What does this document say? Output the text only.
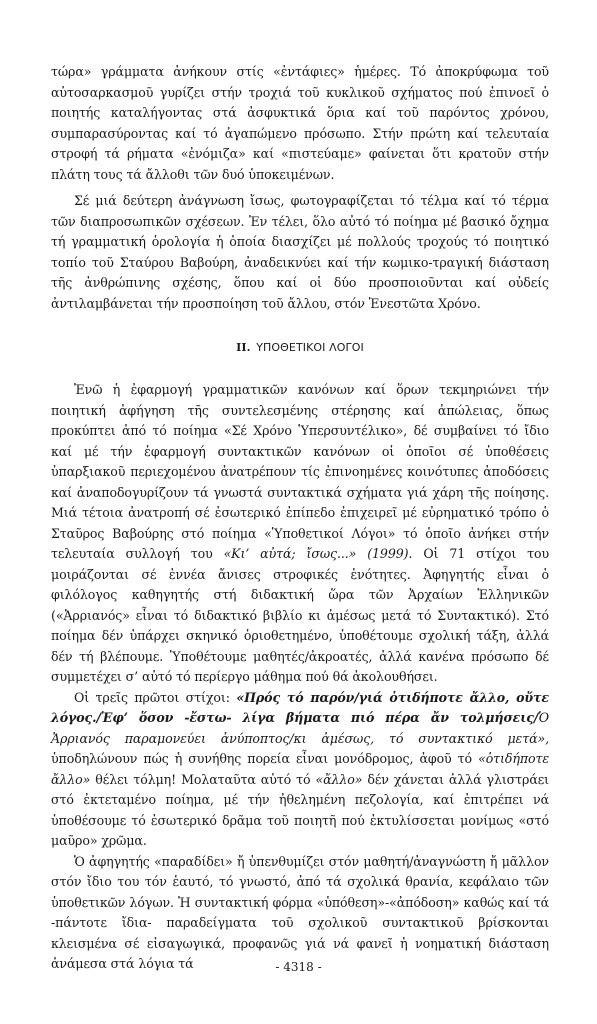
τώρα» γράμματα ἀνήκουν στίς «ἐντάφιες» ἡμέρες. Τό ἀποκρύφωμα τοῦ αὐτοσαρκασμοῦ γυρίζει στήν τροχιά τοῦ κυκλικοῦ σχήματος πού ἐπινοεῖ ὁ ποιητής καταλήγοντας στά ἀσφυκτικά ὅρια καί τοῦ παρόντος χρόνου, συμπαρασύροντας καί τό ἀγαπώμενο πρόσωπο. Στήν πρώτη καί τελευταία στροφή τά ρήματα «ἐνόμιζα» καί «πιστεύαμε» φαίνεται ὅτι κρατοῦν στήν πλάτη τους τά ἄλλοθι τῶν δυό ὑποκειμένων.

Σέ μιά δεύτερη ἀνάγνωση ἴσως, φωτογραφίζεται τό τέλμα καί τό τέρμα τῶν διαπροσωπικῶν σχέσεων. Ἐν τέλει, ὅλο αὐτό τό ποίημα μέ βασικό ὄχημα τή γραμματική ὁρολογία ἡ ὁποία διασχίζει μέ πολλούς τροχούς τό ποιητικό τοπίο τοῦ Σταύρου Βαβούρη, ἀναδεικνύει καί τήν κωμικο-τραγική διάσταση τῆς ἀνθρώπινης σχέσης, ὅπου καί οἱ δύο προσποιοῦνται καί οὐδείς ἀντιλαμβάνεται τήν προσποίηση τοῦ ἄλλου, στόν Ἐνεστῶτα Χρόνο.

ΙΙ. ΥΠΟΘΕΤΙΚΟΙ ΛΟΓΟΙ

Ἐνῶ ἡ ἐφαρμογή γραμματικῶν κανόνων καί ὅρων τεκμηριώνει τήν ποιητική ἀφήγηση τῆς συντελεσμένης στέρησης καί ἀπώλειας, ὅπως προκύπτει ἀπό τό ποίημα «Σέ Χρόνο Ὑπερσυντέλικο», δέ συμβαίνει τό ἴδιο καί μέ τήν ἐφαρμογή συντακτικῶν κανόνων οἱ ὁποῖοι σέ ὑποθέσεις ὑπαρξιακοῦ περιεχομένου ἀνατρέπουν τίς ἐπινοημένες κοινότυπες ἀποδόσεις καί ἀναποδογυρίζουν τά γνωστά συντακτικά σχήματα γιά χάρη τῆς ποίησης. Μιά τέτοια ἀνατροπή σέ ἐσωτερικό ἐπίπεδο ἐπιχειρεῖ μέ εὐρηματικό τρόπο ὁ Σταῦρος Βαβούρης στό ποίημα «Ὑποθετικοί Λόγοι» τό ὁποῖο ἀνήκει στήν τελευταία συλλογή του «Κι’ αὐτά; ἴσως...» (1999). Οἱ 71 στίχοι του μοιράζονται σέ ἐννέα ἄνισες στροφικές ἑνότητες. Ἀφηγητής εἶναι ὁ φιλόλογος καθηγητής στή διδακτική ὥρα τῶν Ἀρχαίων Ἑλληνικῶν («Ἀρριανός» εἶναι τό διδακτικό βιβλίο κι ἀμέσως μετά τό Συντακτικό). Στό ποίημα δέν ὑπάρχει σκηνικό ὁριοθετημένο, ὑποθέτουμε σχολική τάξη, ἀλλά δέν τή βλέπουμε. Ὑποθέτουμε μαθητές/ἀκροατές, ἀλλά κανένα πρόσωπο δέ συμμετέχει σ’ αὐτό τό περίεργο μάθημα πού θά ἀκολουθήσει.

Οἱ τρεῖς πρῶτοι στίχοι: «Πρός τό παρόν/γιά ὁτιδήποτε ἄλλο, οὔτε λόγος./Ἐφ’ ὅσον -ἔστω- λίγα βήματα πιό πέρα ἄν τολμήσεις/Ὁ Ἀρριανός παραμονεύει ἀνύποπτος/κι ἀμέσως, τό συντακτικό μετά», ὑποδηλώνουν πώς ἡ συνήθης πορεία εἶναι μονόδρομος, ἀφοῦ τό «ὁτιδήποτε ἄλλο» θέλει τόλμη! Μολαταῦτα αὐτό τό «ἄλλο» δέν χάνεται ἀλλά γλιστράει στό ἐκτεταμένο ποίημα, μέ τήν ἠθελημένη πεζολογία, καί ἐπιτρέπει νά ὑποθέσουμε τό ἐσωτερικό δρᾶμα τοῦ ποιητῆ πού ἐκτυλίσσεται μονίμως «στό μαῦρο» χρῶμα.

Ὁ ἀφηγητής «παραδίδει» ἤ ὑπενθυμίζει στόν μαθητή/ἀναγνώστη ἤ μᾶλλον στόν ἴδιο του τόν ἑαυτό, τό γνωστό, ἀπό τά σχολικά θρανία, κεφάλαιο τῶν ὑποθετικῶν λόγων. Ἡ συντακτική φόρμα «ὑπόθεση»-«ἀπόδοση» καθώς καί τά -πάντοτε ἴδια- παραδείγματα τοῦ σχολικοῦ συντακτικοῦ βρίσκονται κλεισμένα σέ εἰσαγωγικά, προφανῶς γιά νά φανεῖ ἡ νοηματική διάσταση ἀνάμεσα στά λόγια τά	- 4318 -
